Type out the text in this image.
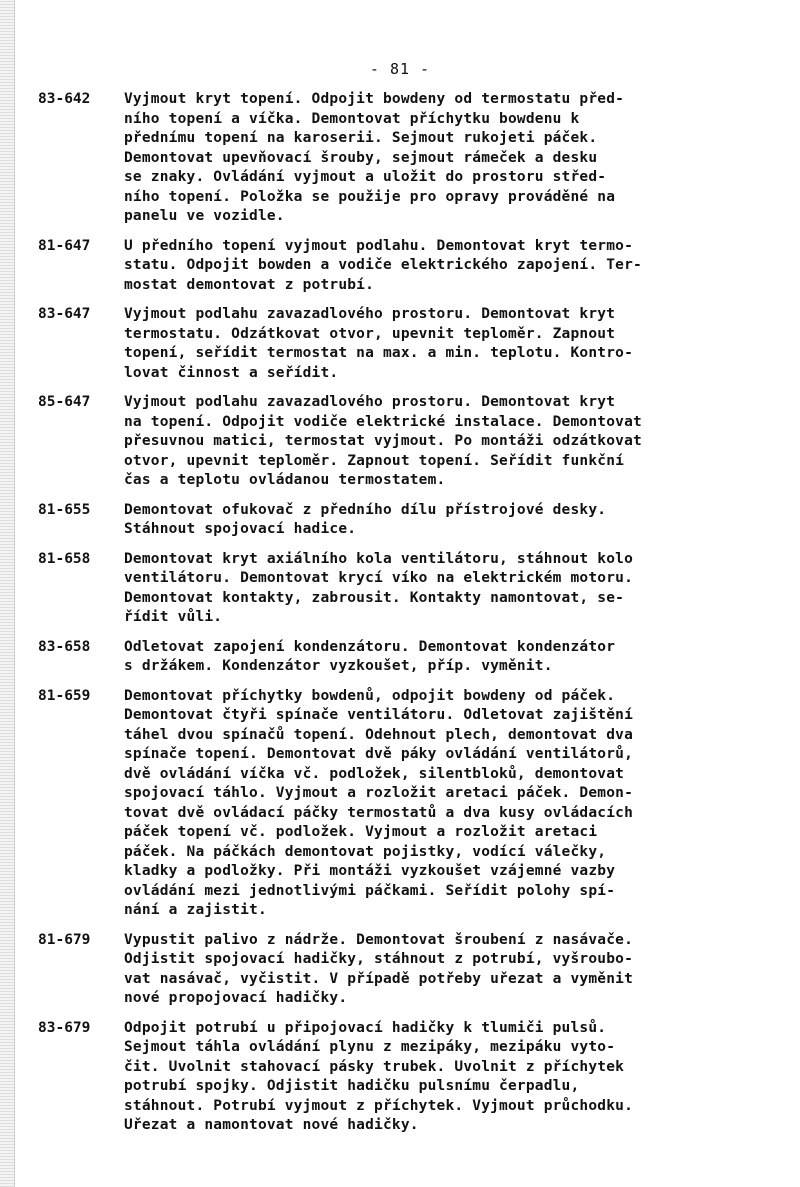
- 81 -
83-642	Vyjmout kryt topení. Odpojit bowdeny od termostatu před-
ního topení a víčka. Demontovat příchytku bowdenu k
přednímu topení na karoserii. Sejmout rukojeti páček.
Demontovat upevňovací šrouby, sejmout rámeček a desku
se znaky. Ovládání vyjmout a uložit do prostoru střed-
ního topení. Položka se použije pro opravy prováděné na
panelu ve vozidle.
81-647	U předního topení vyjmout podlahu. Demontovat kryt termo-
statu. Odpojit bowden a vodiče elektrického zapojení. Ter-
mostat demontovat z potrubí.
83-647	Vyjmout podlahu zavazadlového prostoru. Demontovat kryt
termostatu. Odzátkovat otvor, upevnit teploměr. Zapnout
topení, seřídit termostat na max. a min. teplotu. Kontro-
lovat činnost a seřídit.
85-647	Vyjmout podlahu zavazadlového prostoru. Demontovat kryt
na topení. Odpojit vodiče elektrické instalace. Demontovat
přesuvnou matici, termostat vyjmout. Po montáži odzátkovat
otvor, upevnit teploměr. Zapnout topení. Seřídit funkční
čas a teplotu ovládanou termostatem.
81-655	Demontovat ofukovač z předního dílu přístrojové desky.
Stáhnout spojovací hadice.
81-658	Demontovat kryt axiálního kola ventilátoru, stáhnout kolo
ventilátoru. Demontovat krycí víko na elektrickém motoru.
Demontovat kontakty, zabrousit. Kontakty namontovat, se-
řídit vůli.
83-658	Odletovat zapojení kondenzátoru. Demontovat kondenzátor
s držákem. Kondenzátor vyzkoušet, příp. vyměnit.
81-659	Demontovat příchytky bowdenů, odpojit bowdeny od páček.
Demontovat čtyři spínače ventilátoru. Odletovat zajištění
táhel dvou spínačů topení. Odehnout plech, demontovat dva
spínače topení. Demontovat dvě páky ovládání ventilátorů,
dvě ovládání víčka vč. podložek, silentbloků, demontovat
spojovací táhlo. Vyjmout a rozložit aretaci páček. Demon-
tovat dvě ovládací páčky termostatů a dva kusy ovládacích
páček topení vč. podložek. Vyjmout a rozložit aretaci
páček. Na páčkách demontovat pojistky, vodící válečky,
kladky a podložky. Při montáži vyzkoušet vzájemné vazby
ovládání mezi jednotlivými páčkami. Seřídit polohy spí-
nání a zajistit.
81-679	Vypustit palivo z nádrže. Demontovat šroubení z nasávače.
Odjistit spojovací hadičky, stáhnout z potrubí, vyšroubo-
vat nasávač, vyčistit. V případě potřeby uřezat a vyměnit
nové propojovací hadičky.
83-679	Odpojit potrubí u připojovací hadičky k tlumiči pulsů.
Sejmout táhla ovládání plynu z mezipáky, mezipáku vyto-
čit. Uvolnit stahovací pásky trubek. Uvolnit z příchytek
potrubí spojky. Odjistit hadičku pulsnímu čerpadlu,
stáhnout. Potrubí vyjmout z příchytek. Vyjmout průchodku.
Uřezat a namontovat nové hadičky.
